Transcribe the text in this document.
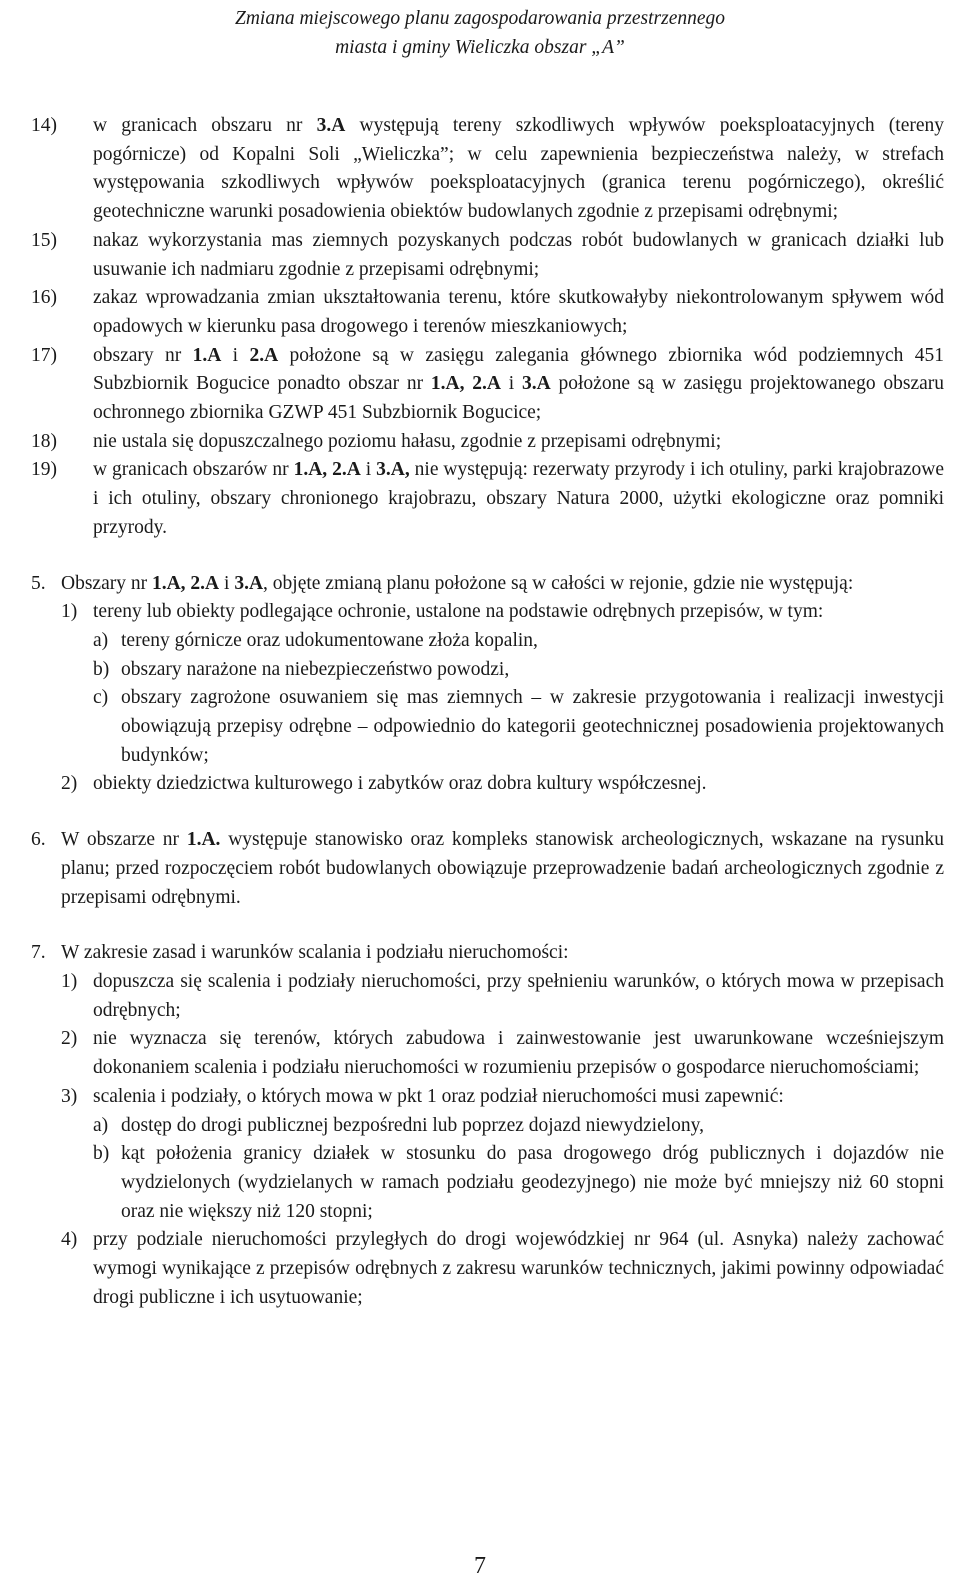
Zmiana miejscowego planu zagospodarowania przestrzennego
miasta i gminy Wieliczka obszar „A”
14) w granicach obszaru nr 3.A występują tereny szkodliwych wpływów poeksploatacyjnych (tereny pogórnicze) od Kopalni Soli „Wieliczka”; w celu zapewnienia bezpieczeństwa należy, w strefach występowania szkodliwych wpływów poeksploatacyjnych (granica terenu pogórniczego), określić geotechniczne warunki posadowienia obiektów budowlanych zgodnie z przepisami odrębnymi;
15) nakaz wykorzystania mas ziemnych pozyskanych podczas robót budowlanych w granicach działki lub usuwanie ich nadmiaru zgodnie z przepisami odrębnymi;
16) zakaz wprowadzania zmian ukształtowania terenu, które skutkowałyby niekontrolowanym spływem wód opadowych w kierunku pasa drogowego i terenów mieszkaniowych;
17) obszary nr 1.A i 2.A położone są w zasięgu zalegania głównego zbiornika wód podziemnych 451 Subzbiornik Bogucice ponadto obszar nr 1.A, 2.A i 3.A położone są w zasięgu projektowanego obszaru ochronnego zbiornika GZWP 451 Subzbiornik Bogucice;
18) nie ustala się dopuszczalnego poziomu hałasu, zgodnie z przepisami odrębnymi;
19) w granicach obszarów nr 1.A, 2.A i 3.A, nie występują: rezerwaty przyrody i ich otuliny, parki krajobrazowe i ich otuliny, obszary chronionego krajobrazu, obszary Natura 2000, użytki ekologiczne oraz pomniki przyrody.
5. Obszary nr 1.A, 2.A i 3.A, objęte zmianą planu położone są w całości w rejonie, gdzie nie występują:
1) tereny lub obiekty podlegające ochronie, ustalone na podstawie odrębnych przepisów, w tym:
a) tereny górnicze oraz udokumentowane złoża kopalin,
b) obszary narażone na niebezpieczeństwo powodzi,
c) obszary zagrożone osuwaniem się mas ziemnych – w zakresie przygotowania i realizacji inwestycji obowiązują przepisy odrębne – odpowiednio do kategorii geotechnicznej posadowienia projektowanych budynków;
2) obiekty dziedzictwa kulturowego i zabytków oraz dobra kultury współczesnej.
6. W obszarze nr 1.A. występuje stanowisko oraz kompleks stanowisk archeologicznych, wskazane na rysunku planu; przed rozpoczęciem robót budowlanych obowiązuje przeprowadzenie badań archeologicznych zgodnie z przepisami odrębnymi.
7. W zakresie zasad i warunków scalania i podziału nieruchomości:
1) dopuszcza się scalenia i podziały nieruchomości, przy spełnieniu warunków, o których mowa w przepisach odrębnych;
2) nie wyznacza się terenów, których zabudowa i zainwestowanie jest uwarunkowane wcześniejszym dokonaniem scalenia i podziału nieruchomości w rozumieniu przepisów o gospodarce nieruchomościami;
3) scalenia i podziały, o których mowa w pkt 1 oraz podział nieruchomości musi zapewnić:
a) dostęp do drogi publicznej bezpośredni lub poprzez dojazd niewydzielony,
b) kąt położenia granicy działek w stosunku do pasa drogowego dróg publicznych i dojazdów nie wydzielonych (wydzielanych w ramach podziału geodezyjnego) nie może być mniejszy niż 60 stopni oraz nie większy niż 120 stopni;
4) przy podziale nieruchomości przyległych do drogi wojewódzkiej nr 964 (ul. Asnyka) należy zachować wymogi wynikające z przepisów odrębnych z zakresu warunków technicznych, jakimi powinny odpowiadać drogi publiczne i ich usytuowanie;
7
